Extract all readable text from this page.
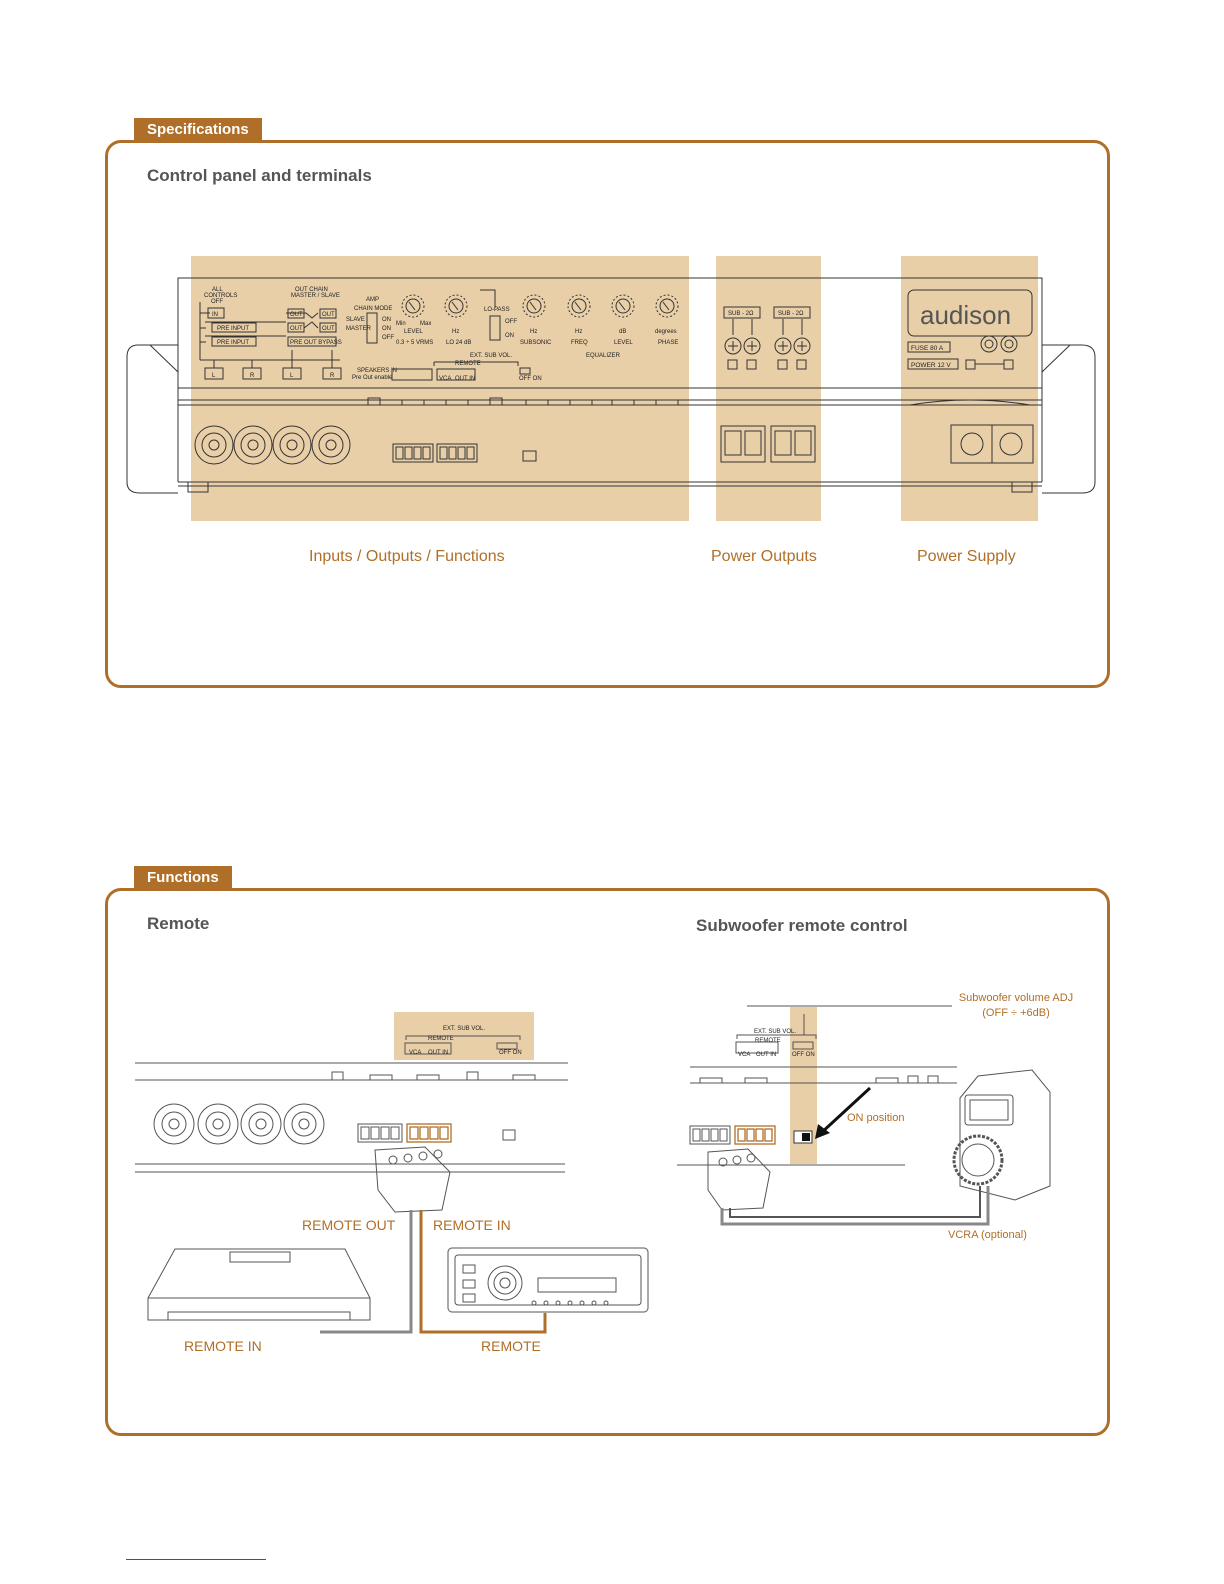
Specifications
Control panel and terminals
IN
PRE INPUT
PRE INPUT
OUT
OUT
OUT
OUT
PRE OUT BYPASS
ALL
CONTROLS
OFF
OUT CHAIN
MASTER / SLAVE
AMP
CHAIN MODE
SLAVE
MASTER
ON
ON
OFF
LEVEL
0.3 ÷ 5 VRMS
Min Max
LO-PASS
Hz
LO 24 dB
OFF
ON
Hz
SUBSONIC
Hz
FREQ
dB
LEVEL
degrees
PHASE
EQUALIZER
EXT. SUB VOL.
REMOTE
VCA OUT IN	OFF ON
SPEAKERS IN
Pre Out enable
L	R	L	R
SUB - 2Ω	SUB - 2Ω	audison
FUSE 80 A
POWER 12 V
Inputs / Outputs / Functions	Power Outputs	Power Supply
Functions
Remote	Subwoofer remote control
EXT. SUB VOL.
REMOTE
VCA OUT IN	OFF ON
EXT. SUB VOL.
REMOTE
VCA OUT IN	OFF ON
REMOTE OUT	REMOTE IN
REMOTE IN	REMOTE
Subwoofer volume ADJ
(OFF ÷ +6dB)
ON position
VCRA (optional)
